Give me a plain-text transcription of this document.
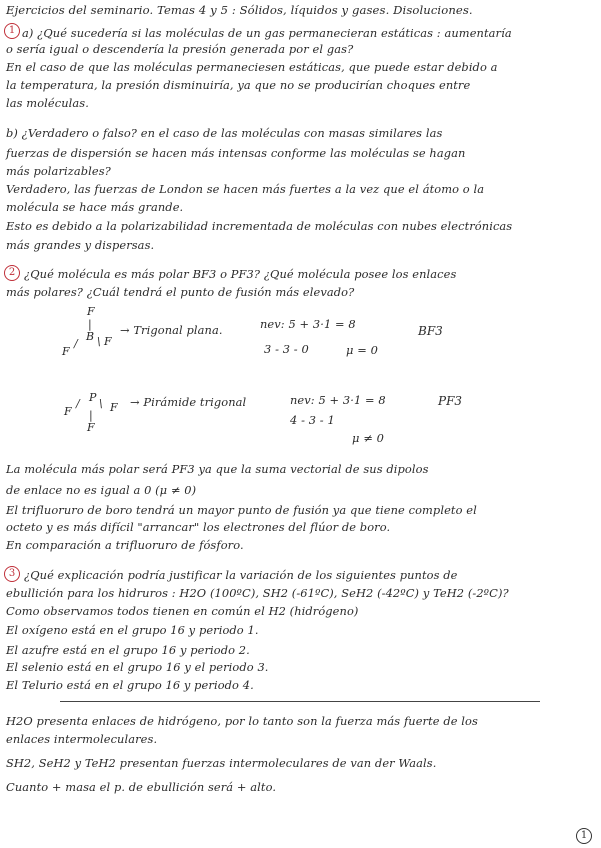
Ejercicios del seminario. Temas 4 y 5 : Sólidos, líquidos y gases. Disoluciones.
1 a) ¿Qué sucedería si las moléculas de un gas permanecieran estáticas : aumentaría
o sería igual o descendería la presión generada por el gas?
En el caso de que las moléculas permaneciesen estáticas, que puede estar debido a
la temperatura, la presión disminuiría, ya que no se producirían choques entre
las moléculas.
b) ¿Verdadero o falso? en el caso de las moléculas con masas similares las
fuerzas de dispersión se hacen más intensas conforme las moléculas se hagan
más polarizables?
Verdadero, las fuerzas de London se hacen más fuertes a la vez que el átomo o la
molécula se hace más grande.
Esto es debido a la polarizabilidad incrementada de moléculas con nubes electrónicas
más grandes y dispersas.
2 ¿Qué molécula es más polar BF3 o PF3? ¿Qué molécula posee los enlaces
más polares? ¿Cuál tendrá el punto de fusión más elevado?
F
|
B
/
F
\ F
→ Trigonal plana.	nev: 5 + 3·1 = 8
3 - 3 - 0	μ = 0
BF3
P
/
F
\ F
|
F
→ Pirámide trigonal	nev: 5 + 3·1 = 8
4 - 3 - 1
μ ≠ 0
PF3
La molécula más polar será PF3 ya que la suma vectorial de sus dipolos
de enlace no es igual a 0 (μ ≠ 0)
El trifluoruro de boro tendrá un mayor punto de fusión ya que tiene completo el
octeto y es más difícil "arrancar" los electrones del flúor de boro.
En comparación a trifluoruro de fósforo.
3 ¿Qué explicación podría justificar la variación de los siguientes puntos de
ebullición para los hidruros : H2O (100ºC), SH2 (-61ºC), SeH2 (-42ºC) y TeH2 (-2ºC)?
Como observamos todos tienen en común el H2 (hidrógeno)
El oxígeno está en el grupo 16 y periodo 1.
El azufre está en el grupo 16 y periodo 2.
El selenio está en el grupo 16 y el periodo 3.
El Telurio está en el grupo 16 y periodo 4.
H2O presenta enlaces de hidrógeno, por lo tanto son la fuerza más fuerte de los
enlaces intermoleculares.
SH2, SeH2 y TeH2 presentan fuerzas intermoleculares de van der Waals.
Cuanto + masa el p. de ebullición será + alto.
1
